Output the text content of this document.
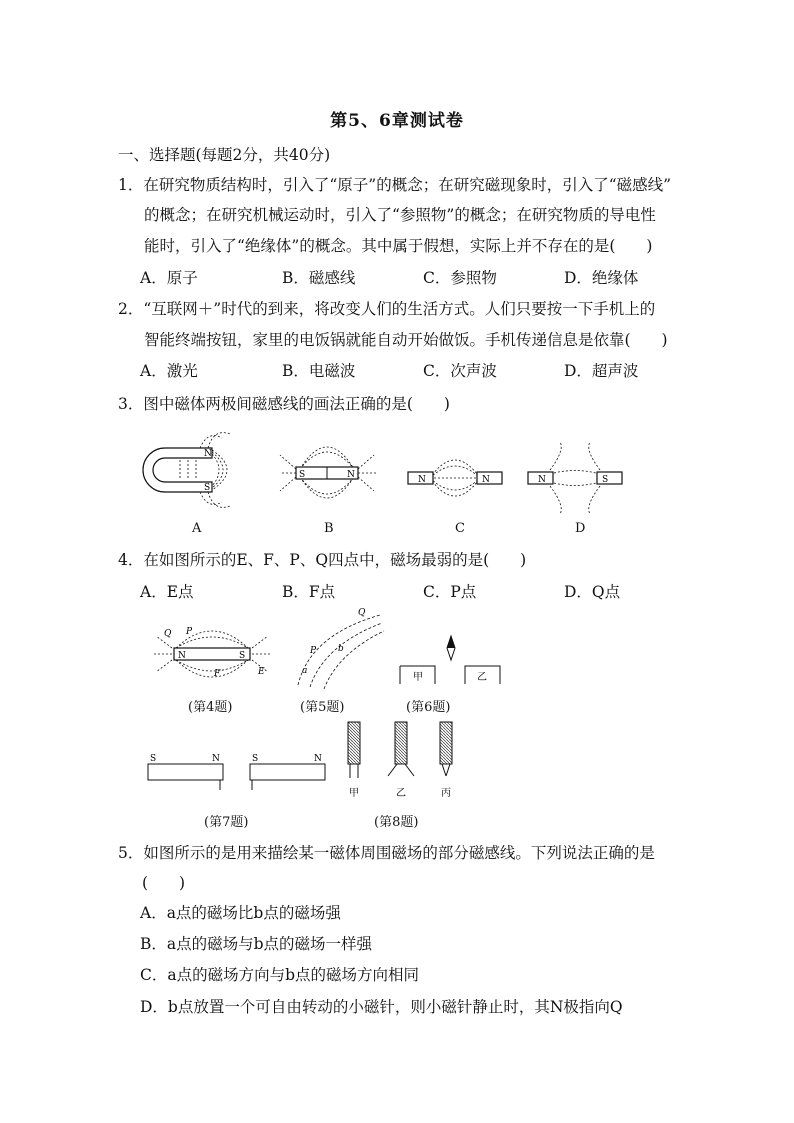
第5、6章测试卷
一、选择题(每题2分，共40分)
1．在研究物质结构时，引入了“原子”的概念；在研究磁现象时，引入了“磁感线”
的概念；在研究机械运动时，引入了“参照物”的概念；在研究物质的导电性
能时，引入了“绝缘体”的概念。其中属于假想，实际上并不存在的是(　　)
A．原子	B．磁感线	C．参照物	D．绝缘体
2．“互联网＋”时代的到来，将改变人们的生活方式。人们只要按一下手机上的
智能终端按钮，家里的电饭锅就能自动开始做饭。手机传递信息是依靠(　　)
A．激光	B．电磁波	C．次声波	D．超声波
3．图中磁体两极间磁感线的画法正确的是(　　)
N
S
A
S	N
B
N	N
C
N	S
D
4．在如图所示的E、F、P、Q四点中，磁场最弱的是(　　)
A．E点	B．F点	C．P点	D．Q点
N	S
Q P
F	E
(第4题)
Q
P
a
b
(第5题)
甲	乙
(第6题)
S	N	S	N
(第7题)
甲	乙	丙
(第8题)
5．如图所示的是用来描绘某一磁体周围磁场的部分磁感线。下列说法正确的是
(　　)
A．a点的磁场比b点的磁场强
B．a点的磁场与b点的磁场一样强
C．a点的磁场方向与b点的磁场方向相同
D．b点放置一个可自由转动的小磁针，则小磁针静止时，其N极指向Q
